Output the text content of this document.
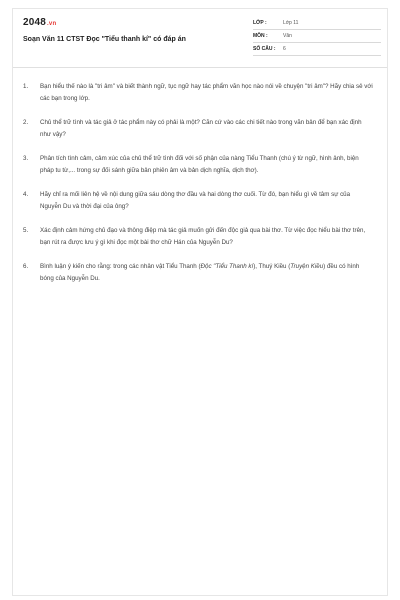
2048.vn
Soạn Văn 11 CTST Đọc "Tiểu thanh kí" có đáp án
LỚP :	Lớp 11
MÔN :	Văn
SỐ CÂU :	6
1.	Bạn hiểu thế nào là "tri âm" và biết thành ngữ, tục ngữ hay tác phẩm văn học nào nói về chuyện "tri âm"? Hãy chia sẻ với các bạn trong lớp.
2.	Chủ thể trữ tình và tác giả ở tác phẩm này có phải là một? Căn cứ vào các chi tiết nào trong văn bản để bạn xác định như vậy?
3.	Phân tích tình cảm, cảm xúc của chủ thể trữ tình đối với số phận của nàng Tiểu Thanh (chú ý từ ngữ, hình ảnh, biện pháp tu từ,... trong sự đối sánh giữa bản phiên âm và bản dịch nghĩa, dịch thơ).
4.	Hãy chỉ ra mối liên hệ về nội dung giữa sáu dòng thơ đầu và hai dòng thơ cuối. Từ đó, bạn hiểu gì về tâm sự của Nguyễn Du và thời đại của ông?
5.	Xác định cảm hứng chủ đạo và thông điệp mà tác giả muốn gửi đến độc giả qua bài thơ. Từ việc đọc hiểu bài thơ trên, bạn rút ra được lưu ý gì khi đọc một bài thơ chữ Hán của Nguyễn Du?
6.	Bình luận ý kiến cho rằng: trong các nhân vật Tiểu Thanh (Độc "Tiểu Thanh kí), Thuý Kiều (Truyện Kiều) đều có hình bóng của Nguyễn Du.
